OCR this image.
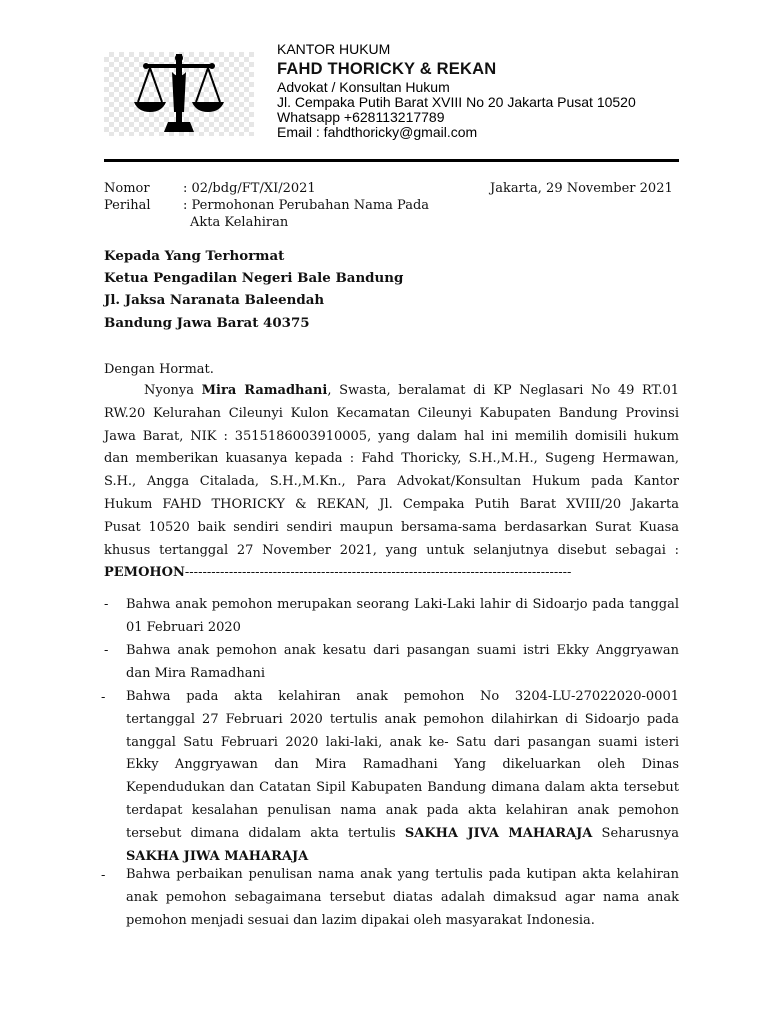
KANTOR HUKUM
FAHD THORICKY & REKAN
Advokat / Konsultan Hukum
Jl. Cempaka Putih Barat XVIII No 20 Jakarta Pusat 10520
Whatsapp +628113217789
Email : fahdthoricky@gmail.com
Nomor	: 02/bdg/FT/XI/2021	Jakarta, 29 November 2021
Perihal : Permohonan Perubahan Nama Pada
Akta Kelahiran
Kepada Yang Terhormat
Ketua Pengadilan Negeri Bale Bandung
Jl. Jaksa Naranata Baleendah
Bandung Jawa Barat 40375
Dengan Hormat.
Nyonya Mira Ramadhani, Swasta, beralamat di KP Neglasari No 49 RT.01
RW.20 Kelurahan Cileunyi Kulon Kecamatan Cileunyi Kabupaten Bandung Provinsi
Jawa Barat, NIK : 3515186003910005, yang dalam hal ini memilih domisili hukum
dan memberikan kuasanya kepada : Fahd Thoricky, S.H.,M.H., Sugeng Hermawan,
S.H., Angga Citalada, S.H.,M.Kn., Para Advokat/Konsultan Hukum pada Kantor
Hukum FAHD THORICKY & REKAN, Jl. Cempaka Putih Barat XVIII/20 Jakarta
Pusat 10520 baik sendiri sendiri maupun bersama-sama berdasarkan Surat Kuasa
khusus tertanggal 27 November 2021, yang untuk selanjutnya disebut sebagai :
PEMOHON----------------------------------------------------------------------------------------
- Bahwa anak pemohon merupakan seorang Laki-Laki lahir di Sidoarjo pada tanggal
01 Februari 2020
- Bahwa anak pemohon anak kesatu dari pasangan suami istri Ekky Anggryawan
dan Mira Ramadhani
- Bahwa pada akta kelahiran anak pemohon No 3204-LU-27022020-0001
tertanggal 27 Februari 2020 tertulis anak pemohon dilahirkan di Sidoarjo pada
tanggal Satu Februari 2020 laki-laki, anak ke- Satu dari pasangan suami isteri
Ekky Anggryawan dan Mira Ramadhani Yang dikeluarkan oleh Dinas
Kependudukan dan Catatan Sipil Kabupaten Bandung dimana dalam akta tersebut
terdapat kesalahan penulisan nama anak pada akta kelahiran anak pemohon
tersebut dimana didalam akta tertulis SAKHA JIVA MAHARAJA Seharusnya
SAKHA JIWA MAHARAJA
- Bahwa perbaikan penulisan nama anak yang tertulis pada kutipan akta kelahiran
anak pemohon sebagaimana tersebut diatas adalah dimaksud agar nama anak
pemohon menjadi sesuai dan lazim dipakai oleh masyarakat Indonesia.
